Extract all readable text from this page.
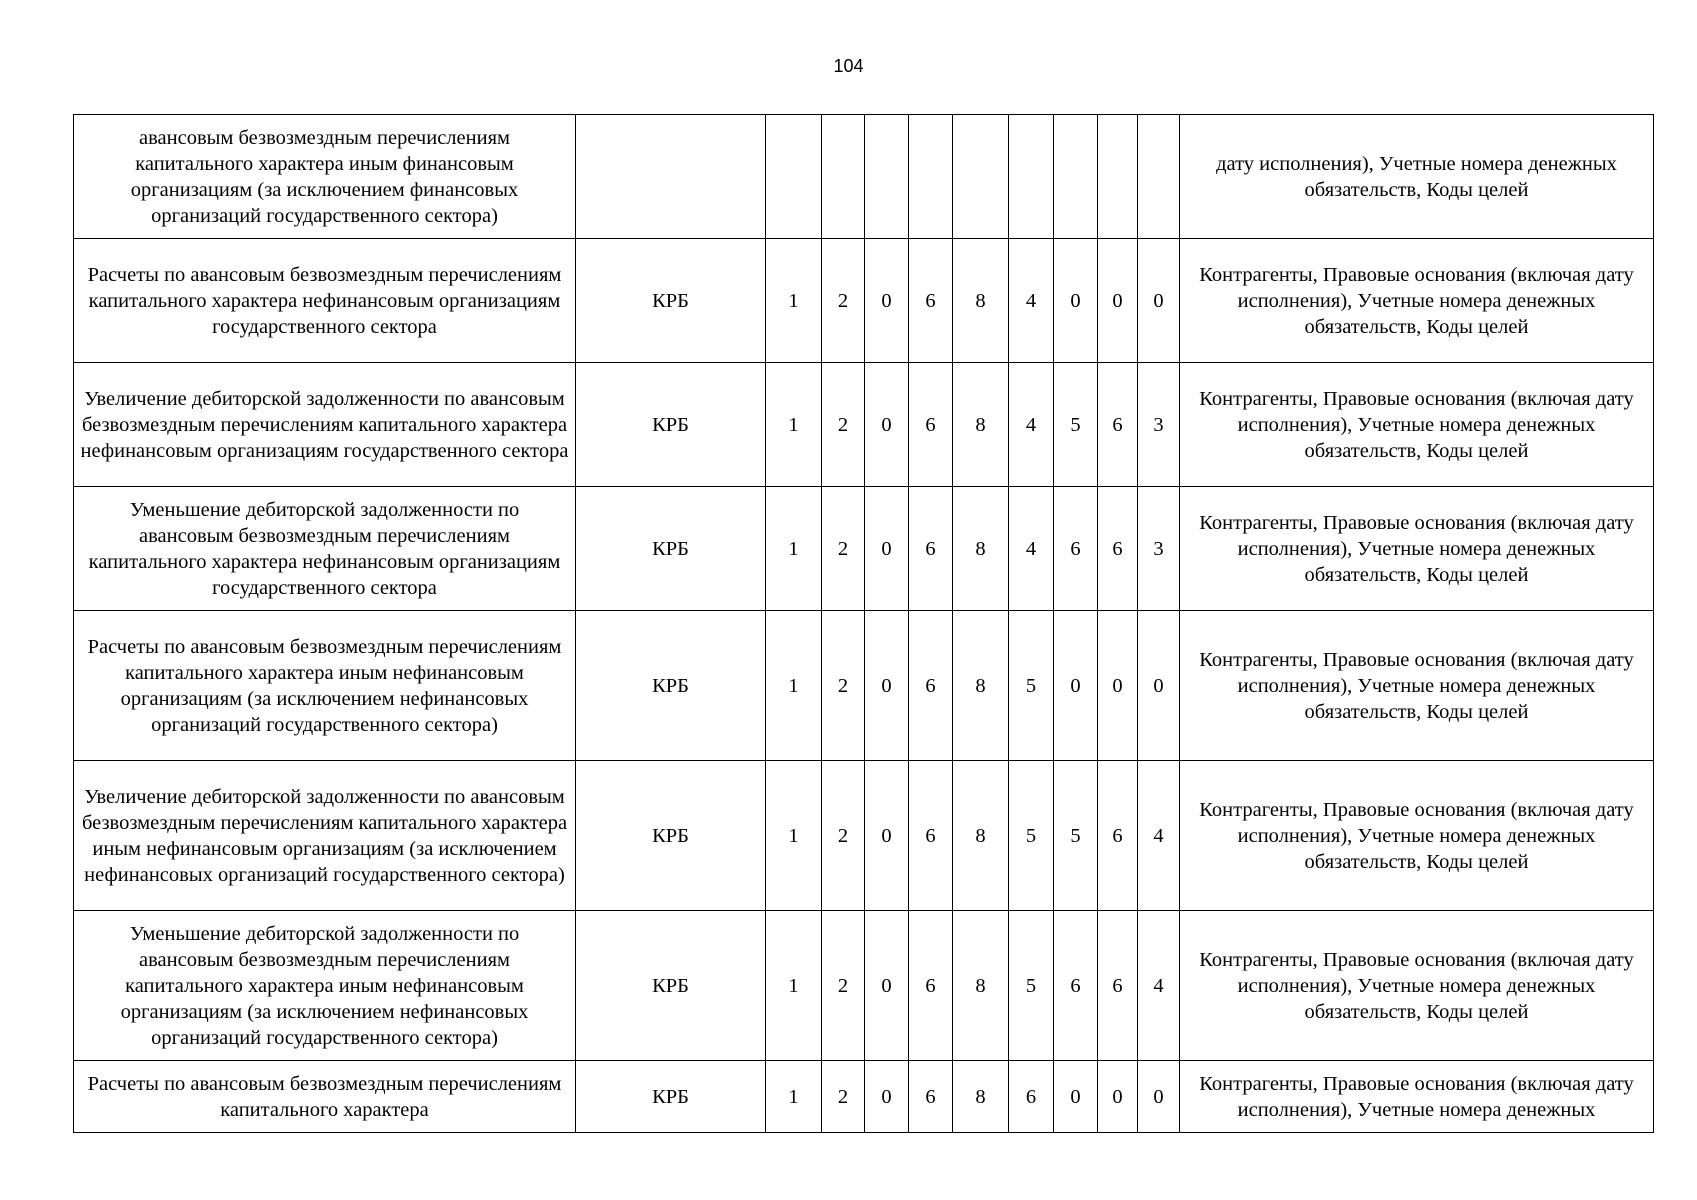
104
авансовым безвозмездным перечислениям капитального характера иным финансовым организациям (за исключением финансовых организаций государственного сектора)											дату исполнения), Учетные номера денежных обязательств, Коды целей
Расчеты по авансовым безвозмездным перечислениям капитального характера нефинансовым организациям государственного сектора	КРБ	1	2	0	6	8	4	0	0	0	Контрагенты, Правовые основания (включая дату исполнения), Учетные номера денежных обязательств, Коды целей
Увеличение дебиторской задолженности по авансовым безвозмездным перечислениям капитального характера нефинансовым организациям государственного сектора	КРБ	1	2	0	6	8	4	5	6	3	Контрагенты, Правовые основания (включая дату исполнения), Учетные номера денежных обязательств, Коды целей
Уменьшение дебиторской задолженности по авансовым безвозмездным перечислениям капитального характера нефинансовым организациям государственного сектора	КРБ	1	2	0	6	8	4	6	6	3	Контрагенты, Правовые основания (включая дату исполнения), Учетные номера денежных обязательств, Коды целей
Расчеты по авансовым безвозмездным перечислениям капитального характера иным нефинансовым организациям (за исключением нефинансовых организаций государственного сектора)	КРБ	1	2	0	6	8	5	0	0	0	Контрагенты, Правовые основания (включая дату исполнения), Учетные номера денежных обязательств, Коды целей
Увеличение дебиторской задолженности по авансовым безвозмездным перечислениям капитального характера иным нефинансовым организациям (за исключением нефинансовых организаций государственного сектора)	КРБ	1	2	0	6	8	5	5	6	4	Контрагенты, Правовые основания (включая дату исполнения), Учетные номера денежных обязательств, Коды целей
Уменьшение дебиторской задолженности по авансовым безвозмездным перечислениям капитального характера иным нефинансовым организациям (за исключением нефинансовых организаций государственного сектора)	КРБ	1	2	0	6	8	5	6	6	4	Контрагенты, Правовые основания (включая дату исполнения), Учетные номера денежных обязательств, Коды целей
Расчеты по авансовым безвозмездным перечислениям капитального характера	КРБ	1	2	0	6	8	6	0	0	0	Контрагенты, Правовые основания (включая дату исполнения), Учетные номера денежных
